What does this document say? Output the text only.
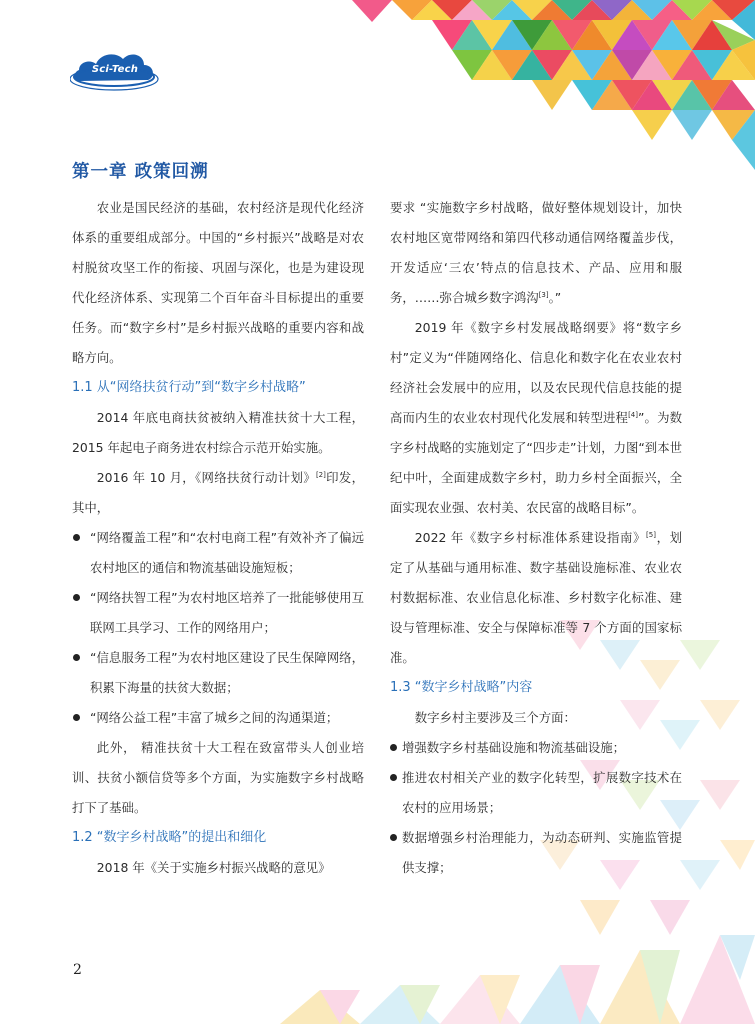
Sci-Tech
第一章 政策回溯

农业是国民经济的基础，农村经济是现代化经济体系的重要组成部分。中国的“乡村振兴”战略是对农村脱贫攻坚工作的衔接、巩固与深化，也是为建设现代化经济体系、实现第二个百年奋斗目标提出的重要任务。而“数字乡村”是乡村振兴战略的重要内容和战略方向。

1.1 从“网络扶贫行动”到“数字乡村战略”

2014 年底电商扶贫被纳入精准扶贫十大工程，2015 年起电子商务进农村综合示范开始实施。

2016 年 10 月，《网络扶贫行动计划》[2]印发，其中，

“网络覆盖工程”和“农村电商工程”有效补齐了偏远农村地区的通信和物流基础设施短板；
“网络扶智工程”为农村地区培养了一批能够使用互联网工具学习、工作的网络用户；
“信息服务工程”为农村地区建设了民生保障网络，积累下海量的扶贫大数据；
“网络公益工程”丰富了城乡之间的沟通渠道；

此外， 精准扶贫十大工程在致富带头人创业培训、扶贫小额信贷等多个方面，为实施数字乡村战略打下了基础。

1.2 “数字乡村战略”的提出和细化

2018 年《关于实施乡村振兴战略的意见》

要求 “实施数字乡村战略，做好整体规划设计，加快农村地区宽带网络和第四代移动通信网络覆盖步伐，开发适应‘三农’特点的信息技术、产品、应用和服务，……弥合城乡数字鸿沟[3]。”

2019 年《数字乡村发展战略纲要》将“数字乡村”定义为“伴随网络化、信息化和数字化在农业农村经济社会发展中的应用，以及农民现代信息技能的提高而内生的农业农村现代化发展和转型进程[4]”。为数字乡村战略的实施划定了“四步走”计划，力图“到本世纪中叶，全面建成数字乡村，助力乡村全面振兴，全面实现农业强、农村美、农民富的战略目标”。

2022 年《数字乡村标准体系建设指南》[5]，划定了从基础与通用标准、数字基础设施标准、农业农村数据标准、农业信息化标准、乡村数字化标准、建设与管理标准、安全与保障标准等 7 个方面的国家标准。

1.3 “数字乡村战略”内容

数字乡村主要涉及三个方面：

增强数字乡村基础设施和物流基础设施；
推进农村相关产业的数字化转型，扩展数字技术在农村的应用场景；
数据增强乡村治理能力，为动态研判、实施监管提供支撑；
2
